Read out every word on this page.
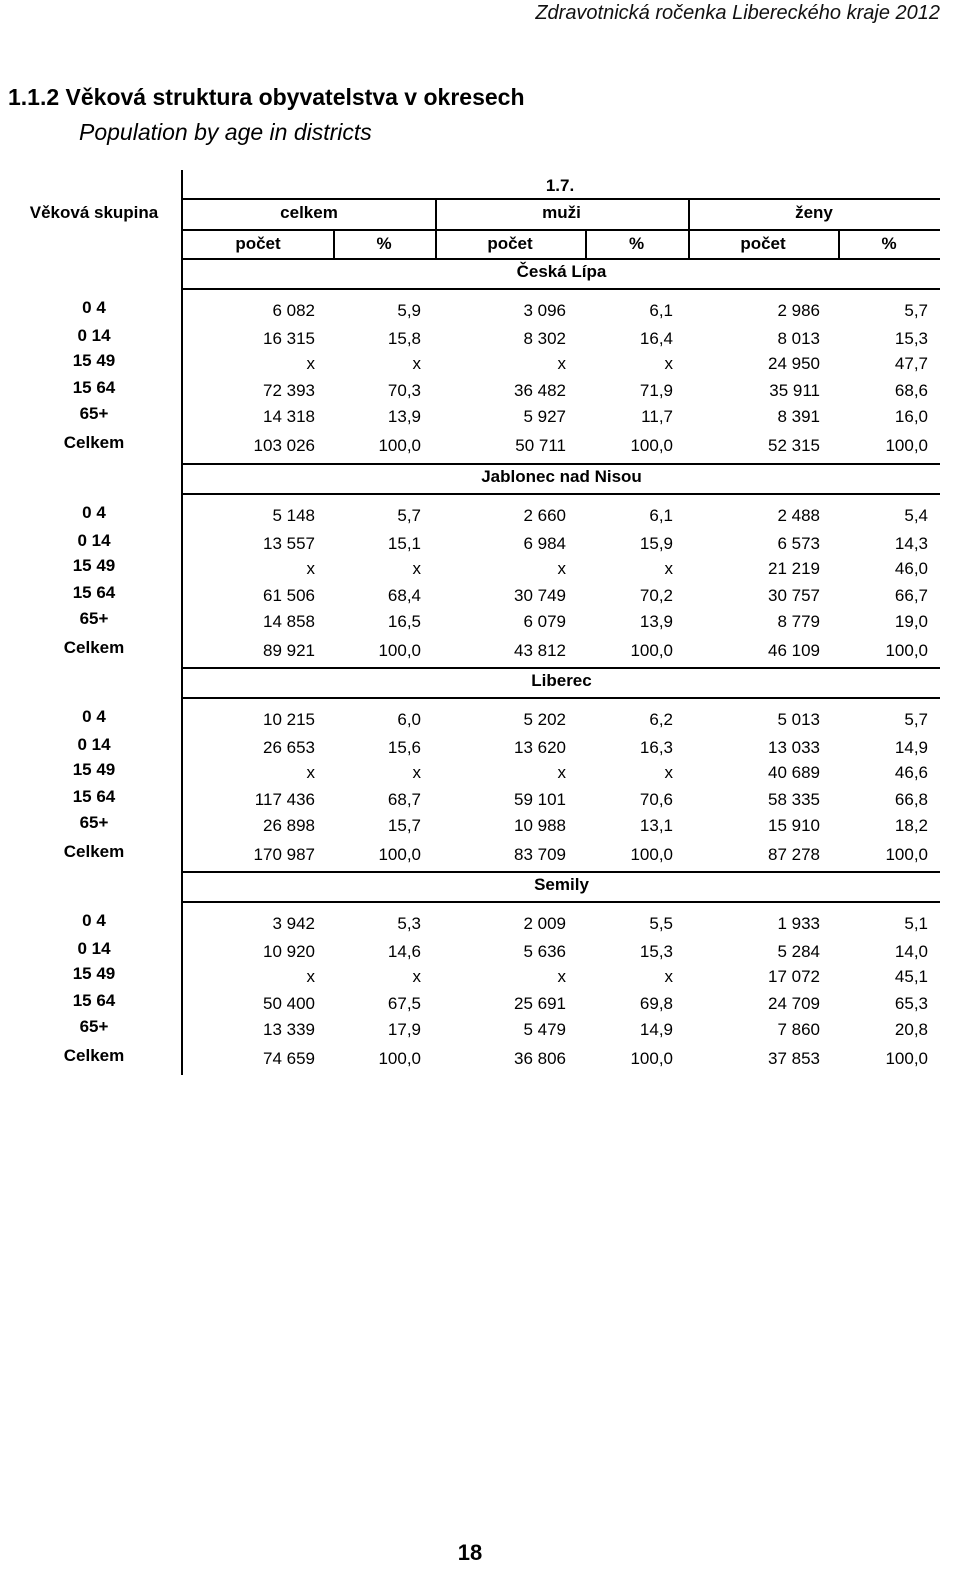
Zdravotnická ročenka Libereckého kraje 2012
1.1.2 Věková struktura obyvatelstva v okresech
Population by age in districts
1.7.
Věková skupina	celkem	muži	ženy
počet	%	počet	%	počet	%
Česká Lípa
0 4	6 082	5,9	3 096	6,1	2 986	5,7
0 14	16 315	15,8	8 302	16,4	8 013	15,3
15 49	x	x	x	x	24 950	47,7
15 64	72 393	70,3	36 482	71,9	35 911	68,6
65+	14 318	13,9	5 927	11,7	8 391	16,0
Celkem	103 026	100,0	50 711	100,0	52 315	100,0
Jablonec nad Nisou
0 4	5 148	5,7	2 660	6,1	2 488	5,4
0 14	13 557	15,1	6 984	15,9	6 573	14,3
15 49	x	x	x	x	21 219	46,0
15 64	61 506	68,4	30 749	70,2	30 757	66,7
65+	14 858	16,5	6 079	13,9	8 779	19,0
Celkem	89 921	100,0	43 812	100,0	46 109	100,0
Liberec
0 4	10 215	6,0	5 202	6,2	5 013	5,7
0 14	26 653	15,6	13 620	16,3	13 033	14,9
15 49	x	x	x	x	40 689	46,6
15 64	117 436	68,7	59 101	70,6	58 335	66,8
65+	26 898	15,7	10 988	13,1	15 910	18,2
Celkem	170 987	100,0	83 709	100,0	87 278	100,0
Semily
0 4	3 942	5,3	2 009	5,5	1 933	5,1
0 14	10 920	14,6	5 636	15,3	5 284	14,0
15 49	x	x	x	x	17 072	45,1
15 64	50 400	67,5	25 691	69,8	24 709	65,3
65+	13 339	17,9	5 479	14,9	7 860	20,8
Celkem	74 659	100,0	36 806	100,0	37 853	100,0
18
